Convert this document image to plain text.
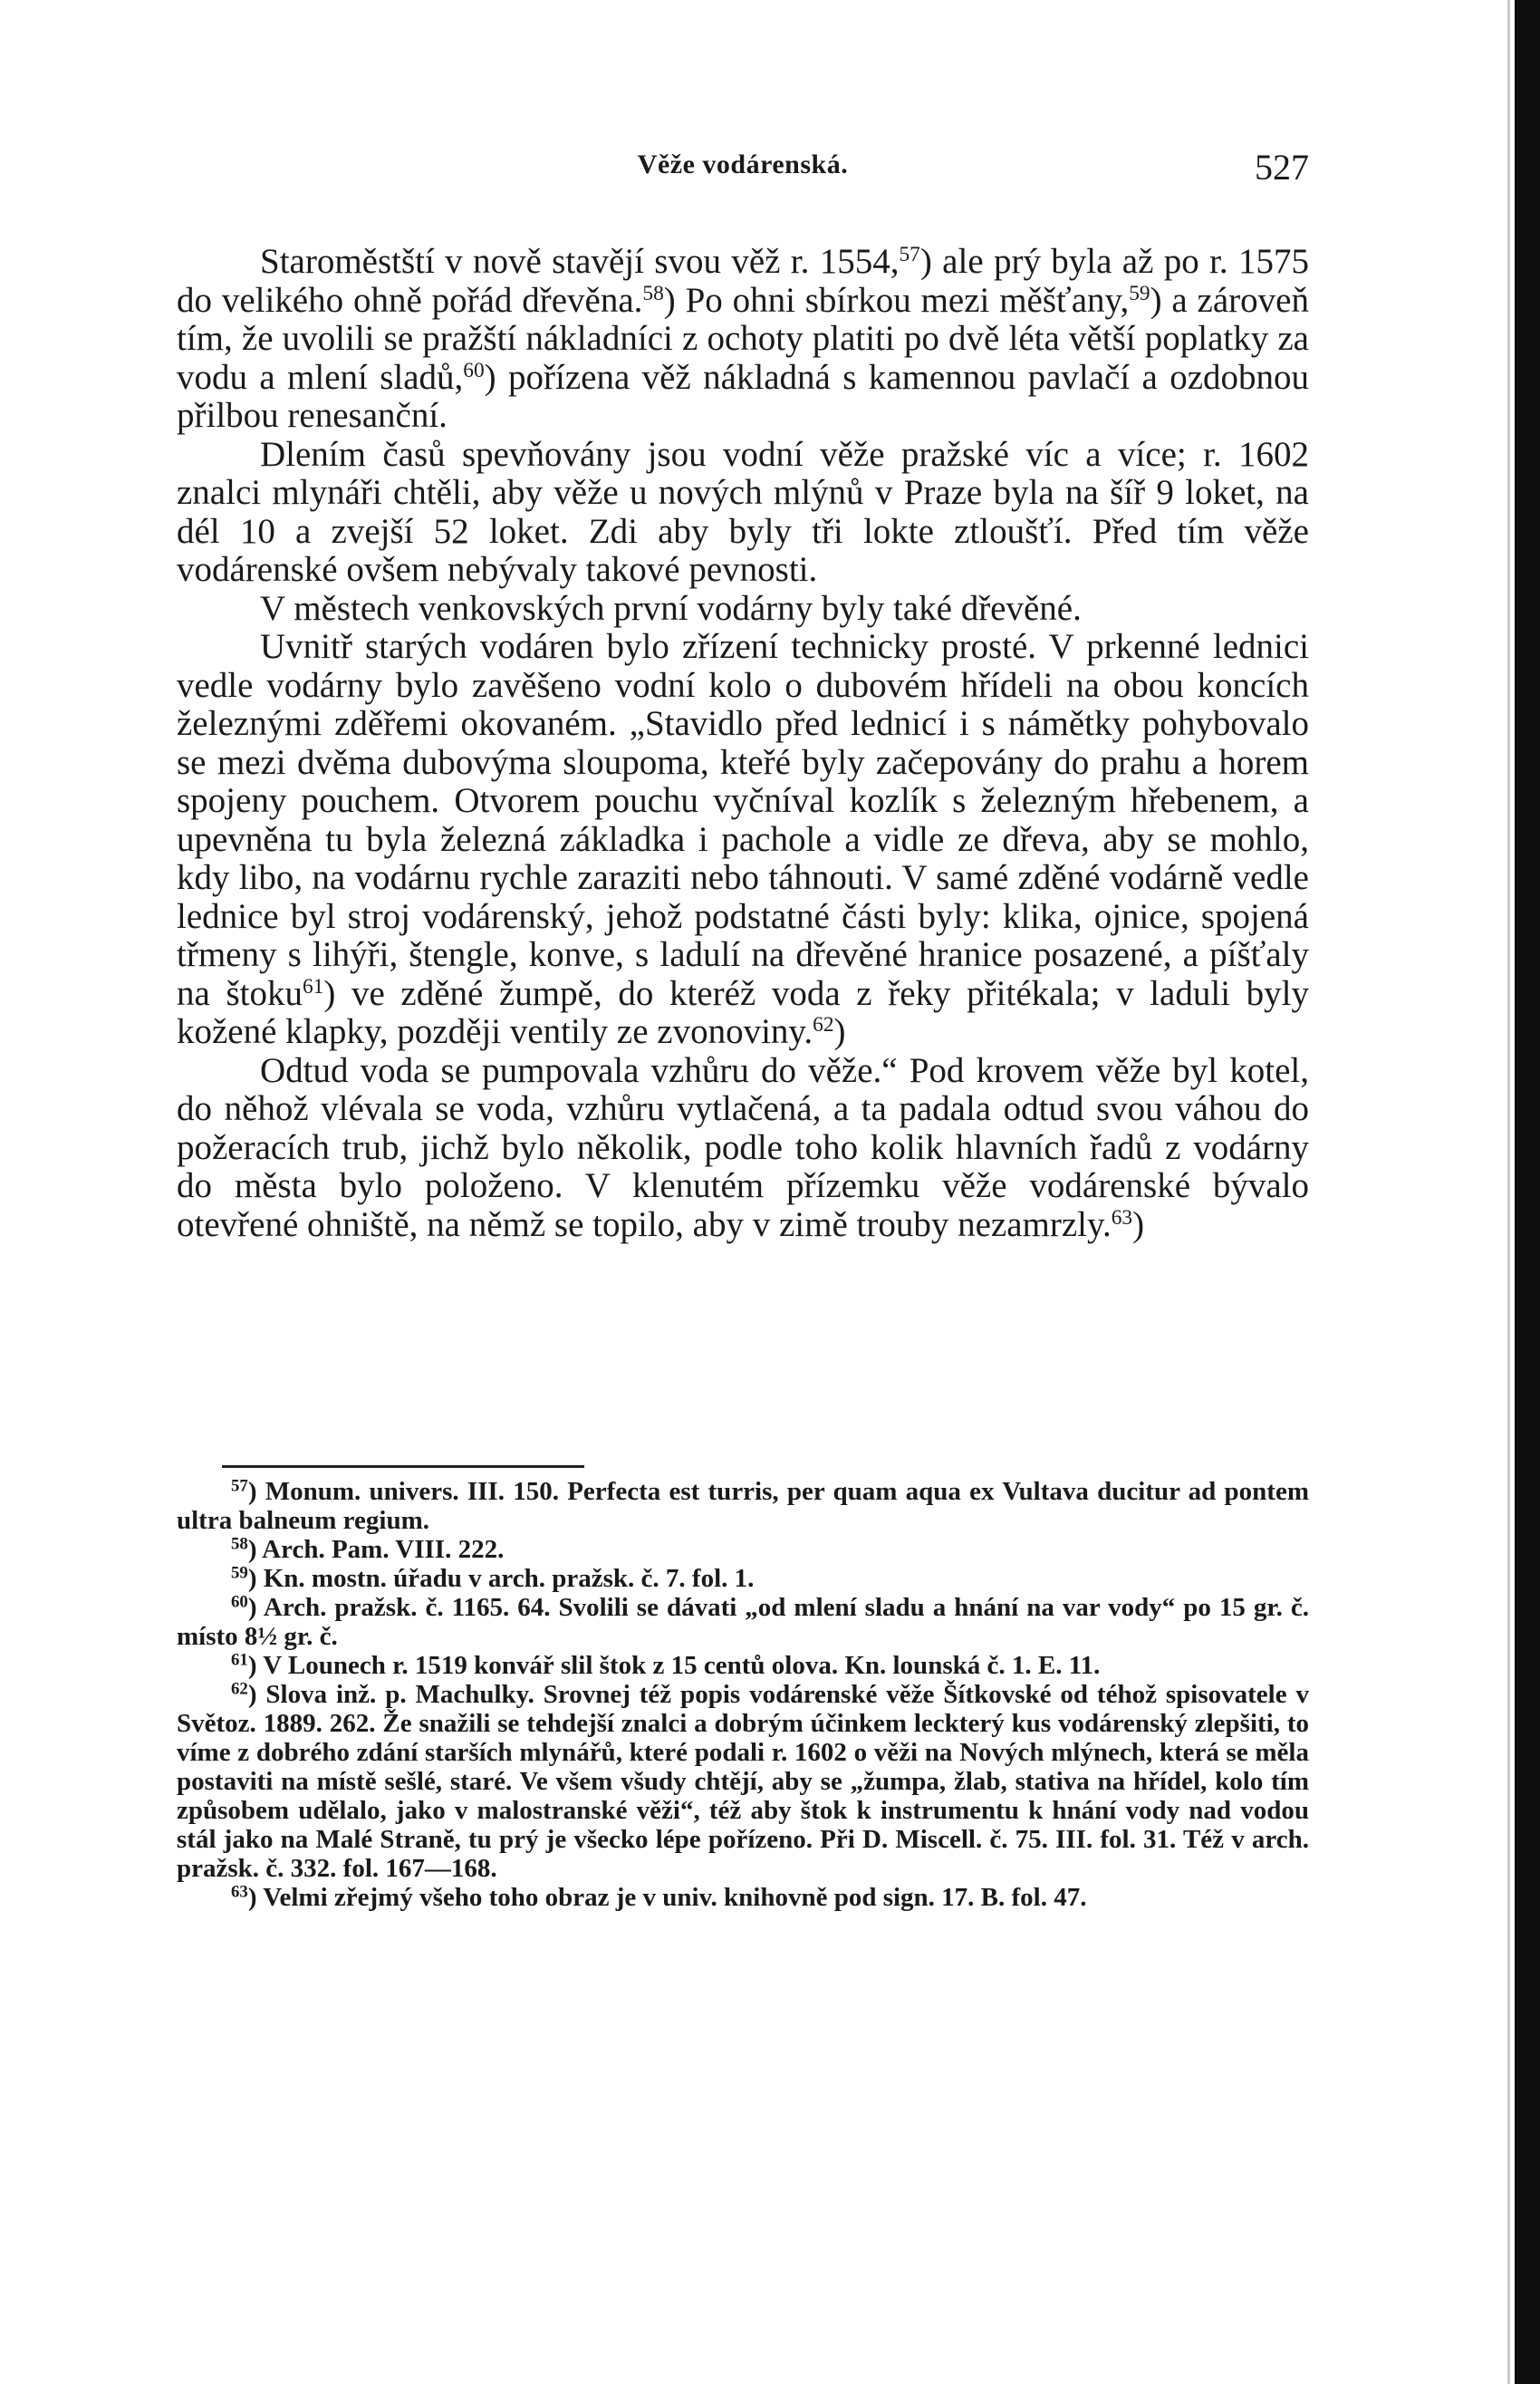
Věže vodárenská.	527

Staroměstští v nově stavějí svou věž r. 1554,57) ale prý byla až po r. 1575 do velikého ohně pořád dřevěna.$^{58}$) Po ohni sbírkou mezi měšťany,$^{59}$) a zároveň tím, že uvolili se pražští nákladníci z ochoty platiti po dvě léta větší poplatky za vodu a mlení sladů,$^{60}$) pořízena věž nákladná s kamennou pavlačí a ozdobnou přilbou renesanční.

Dlením časů spevňovány jsou vodní věže pražské víc a více; r. 1602 znalci mlynáři chtěli, aby věže u nových mlýnů v Praze byla na šíř 9 loket, na dél 10 a zvejší 52 loket. Zdi aby byly tři lokte ztloušťí. Před tím věže vodárenské ovšem nebývaly takové pevnosti.

V městech venkovských první vodárny byly také dřevěné.

Uvnitř starých vodáren bylo zřízení technicky prosté. V prkenné lednici vedle vodárny bylo zavěšeno vodní kolo o dubovém hřídeli na obou koncích železnými zděřemi okovaném. „Stavidlo před lednicí i s námětky pohybovalo se mezi dvěma dubovýma sloupoma, kteřé byly začepovány do prahu a horem spojeny pouchem. Otvorem pouchu vyčníval kozlík s železným hřebenem, a upevněna tu byla železná základka i pachole a vidle ze dřeva, aby se mohlo, kdy libo, na vodárnu rychle zaraziti nebo táhnouti. V samé zděné vodárně vedle lednice byl stroj vodárenský, jehož podstatné části byly: klika, ojnice, spojená třmeny s lihýři, štengle, konve, s ladulí na dřevěné hranice posazené, a píšťaly na štoku$^{61}$) ve zděné žumpě, do kteréž voda z řeky přitékala; v laduli byly kožené klapky, později ventily ze zvonoviny.$^{62}$)

Odtud voda se pumpovala vzhůru do věže.“ Pod krovem věže byl kotel, do něhož vlévala se voda, vzhůru vytlačená, a ta padala odtud svou váhou do požeracích trub, jichž bylo několik, podle toho kolik hlavních řadů z vodárny do města bylo položeno. V klenutém přízemku věže vodárenské bývalo otevřené ohniště, na němž se topilo, aby v zimě trouby nezamrzly.$^{63}$)

$^{57}$) Monum. univers. III. 150. Perfecta est turris, per quam aqua ex Vultava ducitur ad pontem ultra balneum regium.

$^{58}$) Arch. Pam. VIII. 222.

$^{59}$) Kn. mostn. úřadu v arch. pražsk. č. 7. fol. 1.

$^{60}$) Arch. pražsk. č. 1165. 64. Svolili se dávati „od mlení sladu a hnání na var vody“ po 15 gr. č. místo 8½ gr. č.

$^{61}$) V Lounech r. 1519 konvář slil štok z 15 centů olova. Kn. lounská č. 1. E. 11.

$^{62}$) Slova inž. p. Machulky. Srovnej též popis vodárenské věže Šítkovské od téhož spisovatele v Světoz. 1889. 262. Že snažili se tehdejší znalci a dobrým účinkem leckterý kus vodárenský zlepšiti, to víme z dobrého zdání starších mlynářů, které podali r. 1602 o věži na Nových mlýnech, která se měla postaviti na místě sešlé, staré. Ve všem všudy chtějí, aby se „žumpa, žlab, stativa na hřídel, kolo tím způsobem udělalo, jako v malostranské věži“, též aby štok k instrumentu k hnání vody nad vodou stál jako na Malé Straně, tu prý je všecko lépe pořízeno. Při D. Miscell. č. 75. III. fol. 31. Též v arch. pražsk. č. 332. fol. 167—168.

$^{63}$) Velmi zřejmý všeho toho obraz je v univ. knihovně pod sign. 17. B. fol. 47.
